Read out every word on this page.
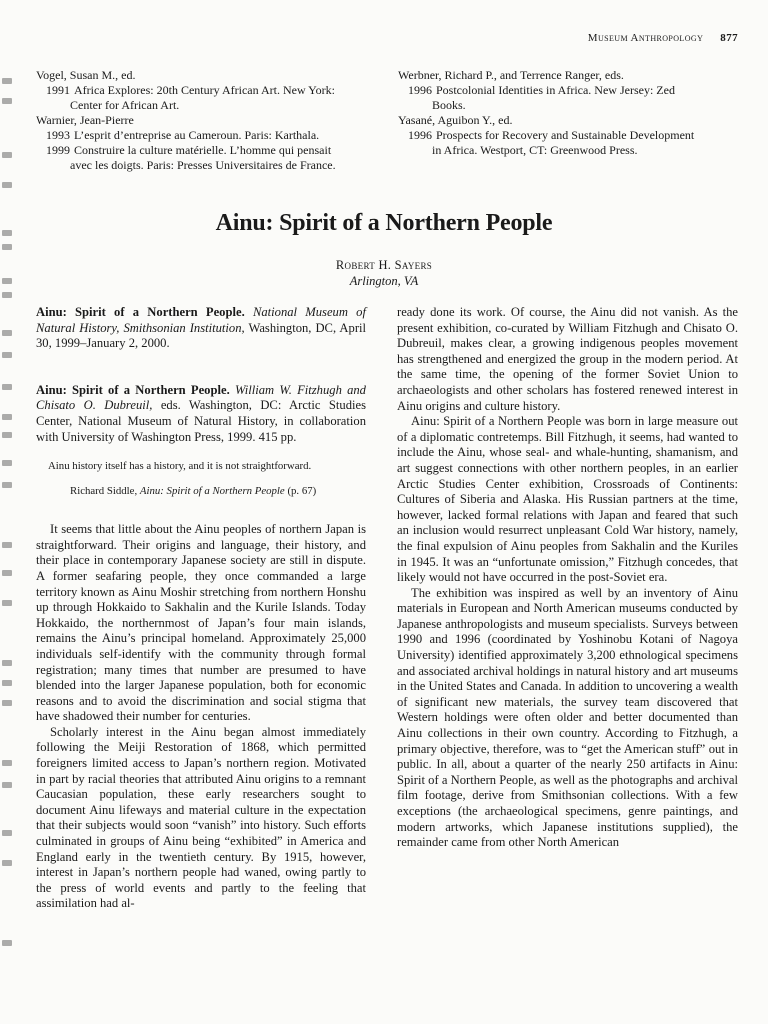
Museum Anthropology 877
Vogel, Susan M., ed.
1991 Africa Explores: 20th Century African Art. New York:
Center for African Art.
Warnier, Jean-Pierre
1993 L’esprit d’entreprise au Cameroun. Paris: Karthala.
1999 Construire la culture matérielle. L’homme qui pensait
avec les doigts. Paris: Presses Universitaires de France.
Werbner, Richard P., and Terrence Ranger, eds.
1996 Postcolonial Identities in Africa. New Jersey: Zed
Books.
Yasané, Aguibon Y., ed.
1996 Prospects for Recovery and Sustainable Development
in Africa. Westport, CT: Greenwood Press.
Ainu: Spirit of a Northern People
Robert H. Sayers
Arlington, VA

Ainu: Spirit of a Northern People. National Museum of Natural History, Smithsonian Institution, Washington, DC, April 30, 1999–January 2, 2000.

Ainu: Spirit of a Northern People. William W. Fitzhugh and Chisato O. Dubreuil, eds. Washington, DC: Arctic Studies Center, National Museum of Natural History, in collaboration with University of Washington Press, 1999. 415 pp.

Ainu history itself has a history, and it is not straightforward.

Richard Siddle, Ainu: Spirit of a Northern People (p. 67)

It seems that little about the Ainu peoples of northern Japan is straightforward. Their origins and language, their history, and their place in contemporary Japanese society are still in dispute. A former seafaring people, they once commanded a large territory known as Ainu Moshir stretching from northern Honshu up through Hokkaido to Sakhalin and the Kurile Islands. Today Hokkaido, the northernmost of Japan’s four main islands, remains the Ainu’s principal homeland. Approximately 25,000 individuals self-identify with the community through formal registration; many times that number are presumed to have blended into the larger Japanese population, both for economic reasons and to avoid the discrimination and social stigma that have shadowed their number for centuries.

Scholarly interest in the Ainu began almost immediately following the Meiji Restoration of 1868, which permitted foreigners limited access to Japan’s northern region. Motivated in part by racial theories that attributed Ainu origins to a remnant Caucasian population, these early researchers sought to document Ainu lifeways and material culture in the expectation that their subjects would soon “vanish” into history. Such efforts culminated in groups of Ainu being “exhibited” in America and England early in the twentieth century. By 1915, however, interest in Japan’s northern people had waned, owing partly to the press of world events and partly to the feeling that assimilation had al-

ready done its work. Of course, the Ainu did not vanish. As the present exhibition, co-curated by William Fitzhugh and Chisato O. Dubreuil, makes clear, a growing indigenous peoples movement has strengthened and energized the group in the modern period. At the same time, the opening of the former Soviet Union to archaeologists and other scholars has fostered renewed interest in Ainu origins and culture history.

Ainu: Spirit of a Northern People was born in large measure out of a diplomatic contretemps. Bill Fitzhugh, it seems, had wanted to include the Ainu, whose seal- and whale-hunting, shamanism, and art suggest connections with other northern peoples, in an earlier Arctic Studies Center exhibition, Crossroads of Continents: Cultures of Siberia and Alaska. His Russian partners at the time, however, lacked formal relations with Japan and feared that such an inclusion would resurrect unpleasant Cold War history, namely, the final expulsion of Ainu peoples from Sakhalin and the Kuriles in 1945. It was an “unfortunate omission,” Fitzhugh concedes, that likely would not have occurred in the post-Soviet era.

The exhibition was inspired as well by an inventory of Ainu materials in European and North American museums conducted by Japanese anthropologists and museum specialists. Surveys between 1990 and 1996 (coordinated by Yoshinobu Kotani of Nagoya University) identified approximately 3,200 ethnological specimens and associated archival holdings in natural history and art museums in the United States and Canada. In addition to uncovering a wealth of significant new materials, the survey team discovered that Western holdings were often older and better documented than Ainu collections in their own country. According to Fitzhugh, a primary objective, therefore, was to “get the American stuff” out in public. In all, about a quarter of the nearly 250 artifacts in Ainu: Spirit of a Northern People, as well as the photographs and archival film footage, derive from Smithsonian collections. With a few exceptions (the archaeological specimens, genre paintings, and modern artworks, which Japanese institutions supplied), the remainder came from other North American
